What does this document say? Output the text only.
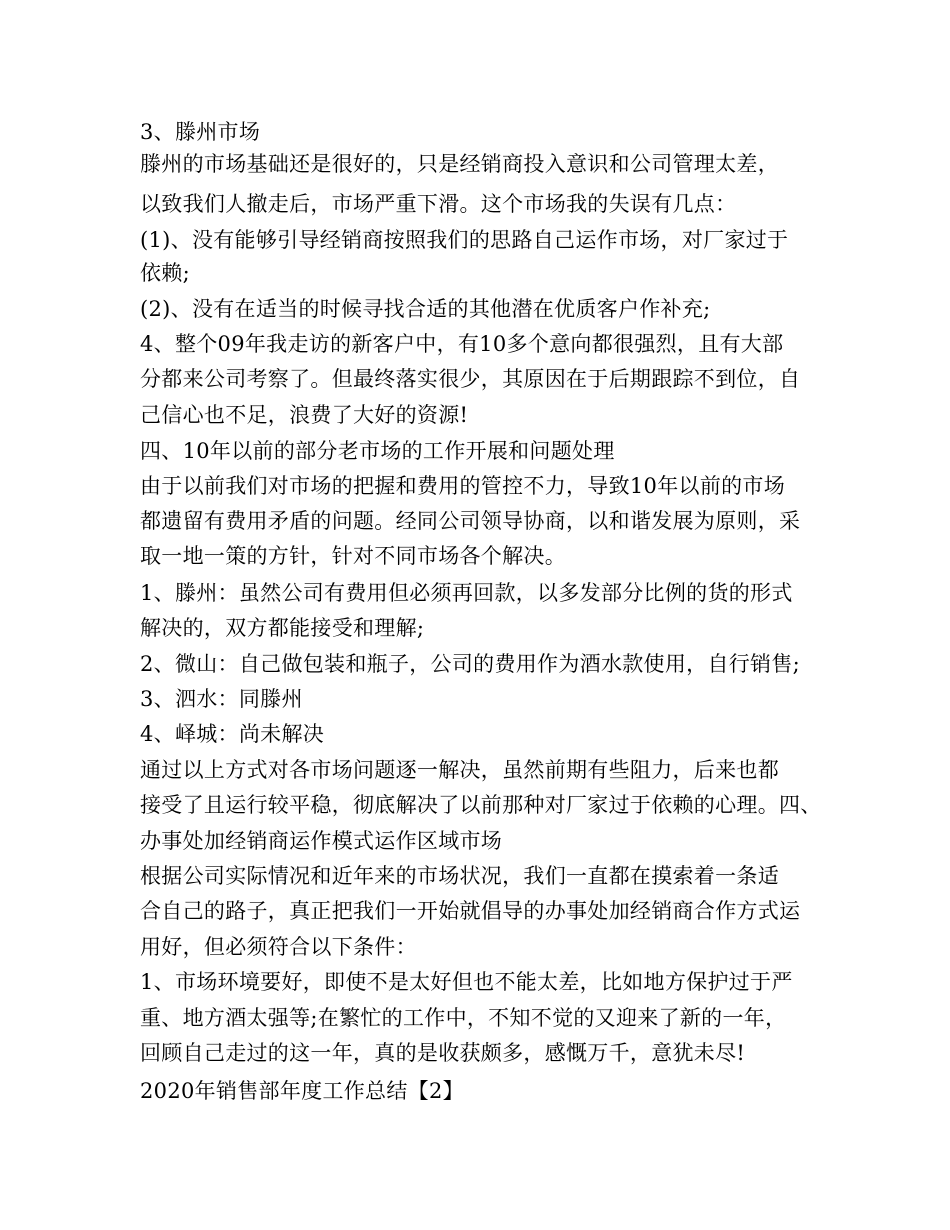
3、滕州市场
滕州的市场基础还是很好的，只是经销商投入意识和公司管理太差，
以致我们人撤走后，市场严重下滑。这个市场我的失误有几点：
(1)、没有能够引导经销商按照我们的思路自己运作市场，对厂家过于
依赖;
(2)、没有在适当的时候寻找合适的其他潜在优质客户作补充;
4、整个09年我走访的新客户中，有10多个意向都很强烈，且有大部
分都来公司考察了。但最终落实很少，其原因在于后期跟踪不到位，自
己信心也不足，浪费了大好的资源!
四、10年以前的部分老市场的工作开展和问题处理
由于以前我们对市场的把握和费用的管控不力，导致10年以前的市场
都遗留有费用矛盾的问题。经同公司领导协商，以和谐发展为原则，采
取一地一策的方针，针对不同市场各个解决。
1、滕州：虽然公司有费用但必须再回款，以多发部分比例的货的形式
解决的，双方都能接受和理解;
2、微山：自己做包装和瓶子，公司的费用作为酒水款使用，自行销售;
3、泗水：同滕州
4、峄城：尚未解决
通过以上方式对各市场问题逐一解决，虽然前期有些阻力，后来也都
接受了且运行较平稳，彻底解决了以前那种对厂家过于依赖的心理。四、
办事处加经销商运作模式运作区域市场
根据公司实际情况和近年来的市场状况，我们一直都在摸索着一条适
合自己的路子，真正把我们一开始就倡导的办事处加经销商合作方式运
用好，但必须符合以下条件：
1、市场环境要好，即使不是太好但也不能太差，比如地方保护过于严
重、地方酒太强等;在繁忙的工作中，不知不觉的又迎来了新的一年，
回顾自己走过的这一年，真的是收获颇多，感慨万千，意犹未尽!
2020年销售部年度工作总结【2】
